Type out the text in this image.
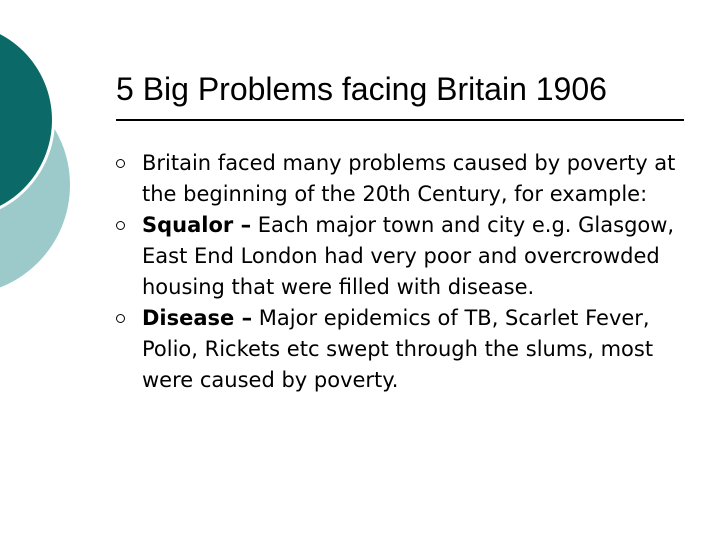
5 Big Problems facing Britain 1906
Britain faced many problems caused by poverty at the beginning of the 20th Century, for example:
Squalor – Each major town and city e.g. Glasgow, East End London had very poor and overcrowded housing that were filled with disease.
Disease – Major epidemics of TB, Scarlet Fever, Polio, Rickets etc swept through the slums, most were caused by poverty.
